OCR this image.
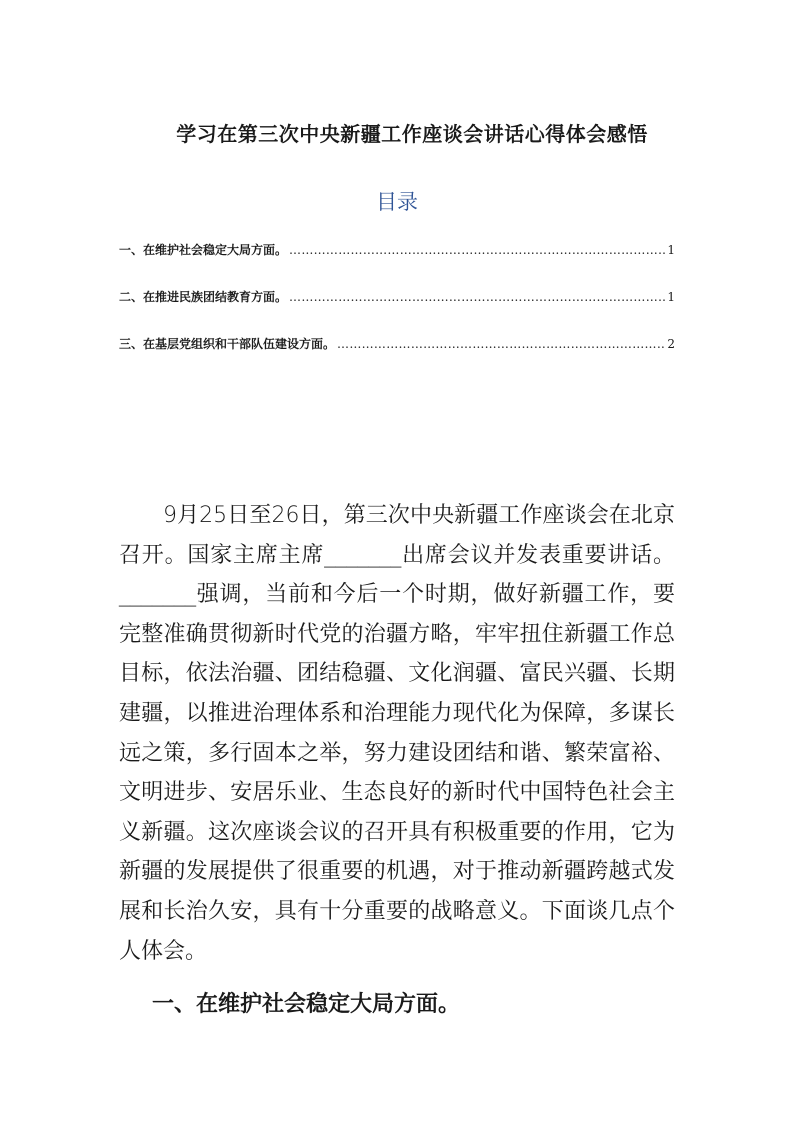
学习在第三次中央新疆工作座谈会讲话心得体会感悟
目录
一、在维护社会稳定大局方面。 ………………………………………………………………………………………………………………………………………………………………………………	1
二、在推进民族团结教育方面。 ………………………………………………………………………………………………………………………………………………………………………………	1
三、在基层党组织和干部队伍建设方面。 ………………………………………………………………………………………………………………………………………………………………………………	2

9月25日至26日，第三次中央新疆工作座谈会在北京召开。国家主席主席_______出席会议并发表重要讲话。_______强调，当前和今后一个时期，做好新疆工作，要完整准确贯彻新时代党的治疆方略，牢牢扭住新疆工作总目标，依法治疆、团结稳疆、文化润疆、富民兴疆、长期建疆，以推进治理体系和治理能力现代化为保障，多谋长远之策，多行固本之举，努力建设团结和谐、繁荣富裕、文明进步、安居乐业、生态良好的新时代中国特色社会主义新疆。这次座谈会议的召开具有积极重要的作用，它为新疆的发展提供了很重要的机遇，对于推动新疆跨越式发展和长治久安，具有十分重要的战略意义。下面谈几点个人体会。

一、在维护社会稳定大局方面。
